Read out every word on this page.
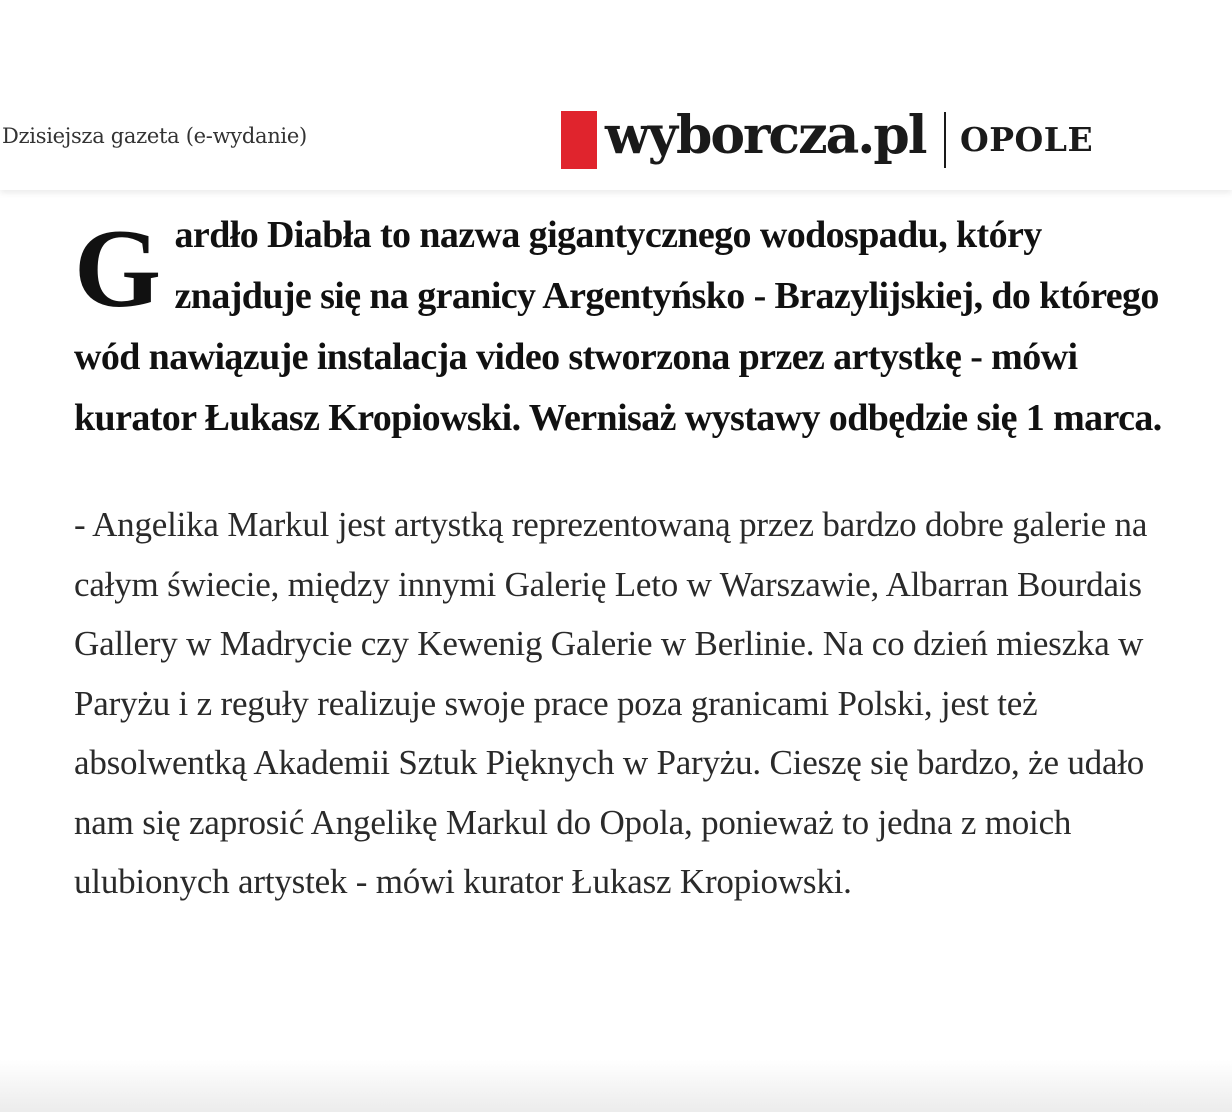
Dzisiejsza gazeta (e-wydanie)	wyborcza.pl OPOLE

Gardło Diabła to nazwa gigantycznego wodospadu, który znajduje się na granicy Argentyńsko - Brazylijskiej, do którego wód nawiązuje instalacja video stworzona przez artystkę - mówi kurator Łukasz Kropiowski. Wernisaż wystawy odbędzie się 1 marca.

- Angelika Markul jest artystką reprezentowaną przez bardzo dobre galerie na całym świecie, między innymi Galerię Leto w Warszawie, Albarran Bourdais Gallery w Madrycie czy Kewenig Galerie w Berlinie. Na co dzień mieszka w Paryżu i z reguły realizuje swoje prace poza granicami Polski, jest też absolwentką Akademii Sztuk Pięknych w Paryżu. Cieszę się bardzo, że udało nam się zaprosić Angelikę Markul do Opola, ponieważ to jedna z moich ulubionych artystek - mówi kurator Łukasz Kropiowski.
